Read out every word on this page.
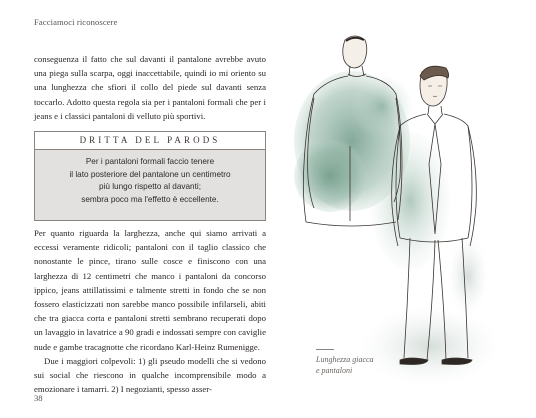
Facciamoci riconoscere

conseguenza il fatto che sul davanti il pantalone avrebbe avuto una piega sulla scarpa, oggi inaccettabile, quindi io mi oriento su una lunghezza che sfiori il collo del piede sul davanti senza toccarlo. Adotto questa regola sia per i pantaloni formali che per i jeans e i classici pantaloni di velluto più sportivi.

DRITTA DEL PARODS
Per i pantaloni formali faccio tenere
il lato posteriore del pantalone un centimetro
più lungo rispetto al davanti;
sembra poco ma l'effetto è eccellente.

Per quanto riguarda la larghezza, anche qui siamo arrivati a eccessi veramente ridicoli; pantaloni con il taglio classico che nonostante le pince, tirano sulle cosce e finiscono con una larghezza di 12 centimetri che manco i pantaloni da concorso ippico, jeans attillatissimi e talmente stretti in fondo che se non fossero elasticizzati non sarebbe manco possibile infilarseli, abiti che tra giacca corta e pantaloni stretti sembrano recuperati dopo un lavaggio in lavatrice a 90 gradi e indossati sempre con caviglie nude e gambe tracagnotte che ricordano Karl-Heinz Rumenigge.

Due i maggiori colpevoli: 1) gli pseudo modelli che si vedono sui social che riescono in qualche incomprensibile modo a emozionare i tamarri. 2) I negozianti, spesso asser-

38
Lunghezza giacca
e pantaloni
